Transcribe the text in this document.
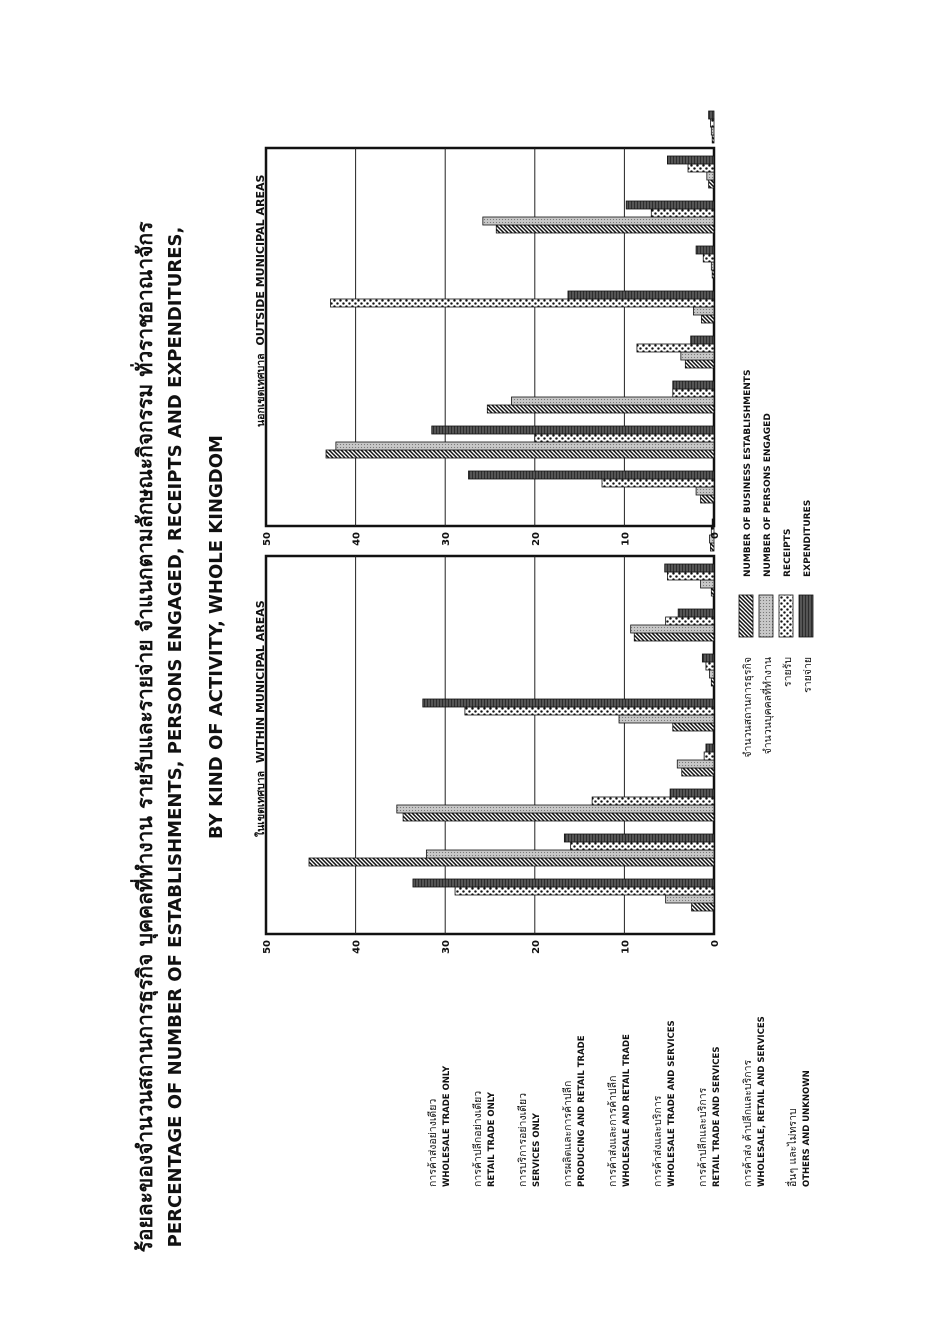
ร้อยละของจำนวนสถานการธุรกิจ บุคคลที่ทำงาน รายรับและรายจ่าย จำแนกตามลักษณะกิจกรรม ทั่วราชอาณาจักร PERCENTAGE OF NUMBER OF ESTABLISHMENTS, PERSONS ENGAGED, RECEIPTS AND EXPENDITURES, BY KIND OF ACTIVITY, WHOLE KINGDOM	ในเขตเทศบาล WITHIN MUNICIPAL AREAS
นอกเขตเทศบาล OUTSIDE MUNICIPAL AREAS
0
10
20
30
40
50
0
10
20
30
40
50
การค้าส่งอย่างเดียว WHOLESALE TRADE ONLY การค้าปลีกอย่างเดียว RETAIL TRADE ONLY การบริการอย่างเดียว SERVICES ONLY การผลิตและการค้าปลีก PRODUCING AND RETAIL TRADE การค้าส่งและการค้าปลีก WHOLESALE AND RETAIL TRADE การค้าส่งและบริการ WHOLESALE TRADE AND SERVICES การค้าปลีกและบริการ RETAIL TRADE AND SERVICES การค้าส่ง ค้าปลีกและบริการ WHOLESALE, RETAIL AND SERVICES อื่นๆ และไม่ทราบ OTHERS AND UNKNOWN
จำนวนสถานการธุรกิจ
NUMBER OF BUSINESS ESTABLISHMENTS
จำนวนบุคคลที่ทำงาน
NUMBER OF PERSONS ENGAGED
รายรับ
RECEIPTS
รายจ่าย
EXPENDITURES
